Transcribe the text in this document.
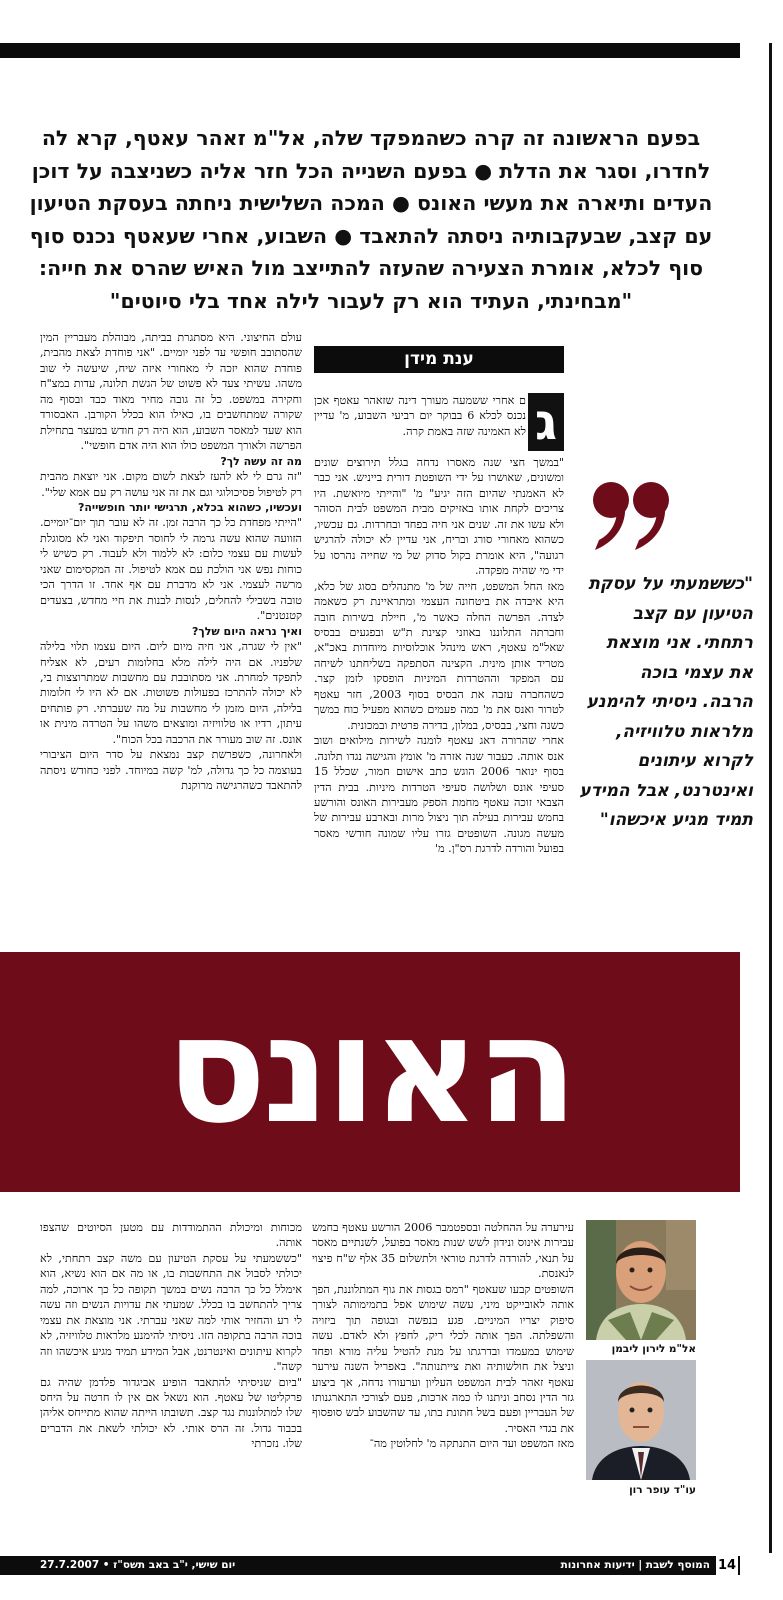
בפעם הראשונה זה קרה כשהמפקד שלה, אל"מ זאהר עאטף, קרא לה

לחדרו, וסגר את הדלת ● בפעם השנייה הכל חזר אליה כשניצבה על דוכן

העדים ותיארה את מעשי האונס ● המכה השלישית ניחתה בעסקת הטיעון

עם קצב, שבעקבותיה ניסתה להתאבד ● השבוע, אחרי שעאטף נכנס סוף

סוף לכלא, אומרת הצעירה שהעזה להתייצב מול האיש שהרס את חייה:

"מבחינתי, העתיד הוא רק לעבור לילה אחד בלי סיוטים"

ענת מידן
ג

ם אחרי ששמעה מעורך דינה שזאהר עאטף אכן נכנס לכלא 6 בבוקר יום רביעי השבוע, מ' עדיין לא האמינה שזה באמת קרה.

"במשך חצי שנה מאסרו נדחה בגלל תירוצים שונים ומשונים, שאושרו על ידי השופטת דורית בייניש. אני כבר לא האמנתי שהיום הזה יגיע" מ' "והייתי מיואשת. היו צריכים לקחת אותו באזיקים מבית המשפט לבית הסוהר ולא עשו את זה. שנים אני חיה בפחד ובחרדות. גם עכשיו, כשהוא מאחורי סורג ובריח, אני עדיין לא יכולה להרגיש רגועה", היא אומרת בקול סדוק של מי שחייה נהרסו על ידי מי שהיה מפקדה.

מאז החל המשפט, חייה של מ' מתנהלים בסוג של כלא, היא איבדה את ביטחונה העצמי ומתראיינת רק כשאמה לצדה. הפרשה החלה כאשר מ', חיילת בשירות חובה וחברתה התלוננו באוזני קצינת ת"ש ובפגעים בבסיס שאל"מ עאטף, ראש מינהל אוכלוסיות מיוחדות באכ"א, מטריד אותן מינית. הקצינה הסתפקה בשליחתנו לשיחה עם המפקד וההטרדות המיניות הופסקו לזמן קצר. כשהחברה עזבה את הבסיס בסוף 2003, חזר עאטף לטרור ואנס את מ' כמה פעמים כשהוא מפעיל כוח במשך כשנה וחצי, בבסיס, במלון, בדירה פרטית ובמכונית.

אחרי שהרורה דאג עאטף לומנה לשירות מילואים ושוב אנס אותה. כעבור שנה אזרה מ' אומץ והגישה נגדו תלונה. בסוף ינואר 2006 הוגש כתב אישום חמור, שכלל 15 סעיפי אונס ושלושה סעיפי הטרדות מיניות. בבית הדין הצבאי זוכה עאטף מחמת הספק מעבירות האונס והורשע בחמש עבירות בעילה תוך ניצול מרות ובארבע עבירות של מעשה מגונה. השופטים גזרו עליו שמונה חודשי מאסר בפועל והורדה לדרגת רס"ן. מ'

עולם החיצוני. היא מסתגרת בביתה, מבוהלת מעבריין המין שהסתובב חופשי עד לפני יומיים. "אני פוחדת לצאת מהבית, פוחדת שהוא יזכה לי מאחורי איזה שיח, שיעשה לי שוב משהו. עשיתי צעד לא פשוט של הגשת תלונה, עדות במצ"ח וחקירה במשפט. כל זה גובה מחיר מאוד כבד ובסוף מה שקורה שמתחשבים בו, כאילו הוא בכלל הקורבן. האבסורד הוא שעד למאסר השבוע, הוא היה רק חודש במעצר בתחילת הפרשה ולאורך המשפט כולו הוא היה אדם חופשי".

מה זה עשה לך?

"זה גרם לי לא להעז לצאת לשום מקום. אני יוצאת מהבית רק לטיפול פסיכולוגי וגם את זה אני עושה רק עם אמא שלי".

ועכשיו, כשהוא בכלא, תרגישי יותר חופשייה?

"הייתי מפחדת כל כך הרבה זמן. זה לא עובר תוך יום־יומיים. הזוועה שהוא עשה גרמה לי לחוסר תיפקוד ואני לא מסוגלת לעשות עם עצמי כלום: לא ללמוד ולא לעבוד. רק כשיש לי כוחות נפש אני הולכת עם אמא לטיפול. זה המקסימום שאני מרשה לעצמי. אני לא מדברת עם אף אחד. זו הדרך הכי טובה בשבילי להחלים, לנסות לבנות את חיי מחדש, בצעדים קטנטנים".

ואיך נראה היום שלך?

"אין לי שגרה, אני חיה מיום ליום. היום עצמו תלוי בלילה שלפניו. אם היה לילה מלא בחלומות רעים, לא אצליח לתפקד למחרת. אני מסתובבת עם מחשבות שמתרוצצות בי, לא יכולה להתרכז בפעולות פשוטות. אם לא היו לי חלומות בלילה, היום מזמן לי מחשבות על מה שעברתי. רק פותחים עיתון, רדיו או טלוויזיה ומוצאים משהו על הטרדה מינית או אונס. זה שוב מעורר את הרכבה בכל הכוח".

ולאחרונה, כשפרשת קצב נמצאת על סדר היום הציבורי בעוצמה כל כך גדולה, למ' קשה במיוחד. לפני כחודש ניסתה להתאבד כשהרגישה מרוקנת

"כששמעתי על עסקת

הטיעון עם קצב

רתחתי. אני מוצאת

את עצמי בוכה

הרבה. ניסיתי להימנע

מלראות טלוויזיה,

לקרוא עיתונים

ואינטרנט, אבל המידע

תמיד מגיע איכשהו"

האונס

עירערה על ההחלטה ובספטמבר 2006 הורשע עאטף בחמש עבירות אינוס ונידון לשש שנות מאסר בפועל, לשנתיים מאסר על תנאי, להורדה לדרגת טוראי ולתשלום 35 אלף ש"ח פיצוי לנאנסת.

השופטים קבעו שעאטף "רמס בגסות את גוף המתלוננת, הפך אותה לאובייקט מיני, עשה שימוש אפל בתמימותה לצורך סיפוק יצריו המיניים. פגע בנפשה ובגופה תוך ביזויה והשפלתה. הפך אותה לכלי ריק, לחפץ ולא לאדם. עשה שימוש במעמדו ובדרגתו על מנת להטיל עליה מורא ופחד וניצל את חולשותיה ואת צייתנותה". באפריל השנה עירער עאטף זאהר לבית המשפט העליון וערעורו נדחה, אך ביצוע גזר הדין נסחב וניתנו לו כמה ארכות, פעם לצורכי התארגנותו של העבריין ופעם בשל חתונת בתו, עד שהשבוע לבש סופסוף את בגדי האסיר.

מאז המשפט ועד היום התנתקה מ' לחלוטין מה־

מכוחות ומיכולת ההתמודדות עם מטען הסיוטים שהצפו אותה.

"כששמעתי על עסקת הטיעון עם משה קצב רתחתי, לא יכולתי לסבול את התחשבות בו, או מה אם הוא נשיא, הוא אימלל כל כך הרבה נשים במשך תקופה כל כך ארוכה, למה צריך להתחשב בו בכלל. שמעתי את עדויות הנשים וזה עשה לי רע והחזיר אותי למה שאני עברתי. אני מוצאת את עצמי בוכה הרבה בתקופה הזו. ניסיתי להימנע מלראות טלוויזיה, לא לקרוא עיתונים ואינטרנט, אבל המידע תמיד מגיע איכשהו וזה קשה".

"ביום שניסיתי להתאבד הופיע אביגדור פלדמן שהיה גם פרקליטו של עאטף. הוא נשאל אם אין לו חרטה על היחס שלו למתלוננות נגד קצב. תשובתו הייתה שהוא מתייחס אליהן בכבוד גדול. זה הרס אותי. לא יכולתי לשאת את הדברים שלו. נזכרתי

אל"מ לירון ליבמן
עו"ד עופר רון
14
המוסף לשבת | ידיעות אחרונות
יום שישי, י"ב באב תשס"ז • 27.7.2007
